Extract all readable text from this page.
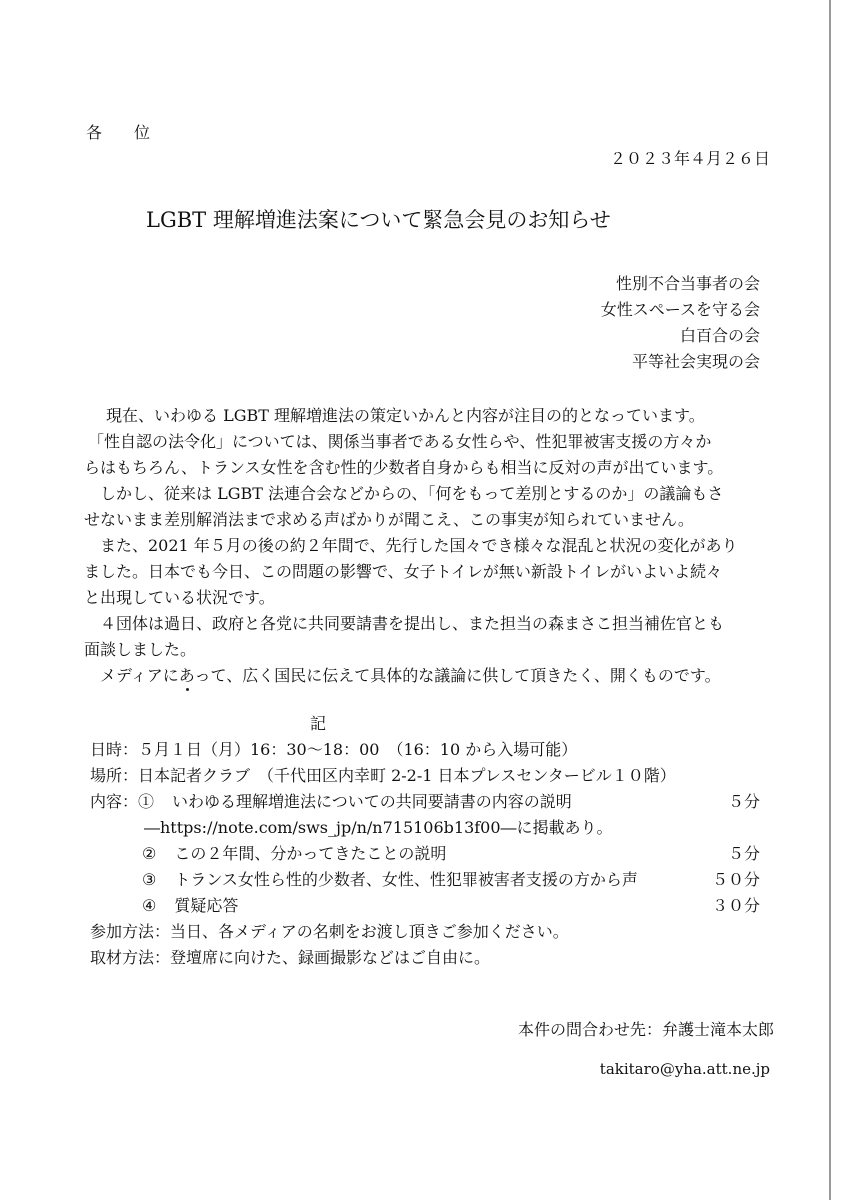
各　　位
２０２３年４月２６日
LGBT 理解増進法案について緊急会見のお知らせ
性別不合当事者の会
女性スペースを守る会
白百合の会
平等社会実現の会

現在、いわゆる LGBT 理解増進法の策定いかんと内容が注目の的となっています。

「性自認の法令化」については、関係当事者である女性らや、性犯罪被害支援の方々か

らはもちろん、トランス女性を含む性的少数者自身からも相当に反対の声が出ています。

しかし、従来は LGBT 法連合会などからの、「何をもって差別とするのか」の議論もさ

せないまま差別解消法まで求める声ばかりが聞こえ、この事実が知られていません。

また、2021 年５月の後の約２年間で、先行した国々でき様々な混乱と状況の変化があり

ました。日本でも今日、この問題の影響で、女子トイレが無い新設トイレがいよいよ続々

と出現している状況です。

４団体は過日、政府と各党に共同要請書を提出し、また担当の森まさこ担当補佐官とも

面談しました。

メディアにあって、広く国民に伝えて具体的な議論に供して頂きたく、開くものです。

記
日時：５月１日（月）16：30～18：00　（16：10 から入場可能）
場所：日本記者クラブ　（千代田区内幸町 2-2-1 日本プレスセンタービル１０階）
内容：① いわゆる理解増進法についての共同要請書の内容の説明	５分
―https://note.com/sws_jp/n/n715106b13f00―に掲載あり。
② この２年間、分かってきたことの説明	５分
③ トランス女性ら性的少数者、女性、性犯罪被害者支援の方から声	５０分
④ 質疑応答	３０分
参加方法：当日、各メディアの名刺をお渡し頂きご参加ください。
取材方法：登壇席に向けた、録画撮影などはご自由に。
本件の問合わせ先：弁護士滝本太郎
takitaro@yha.att.ne.jp
